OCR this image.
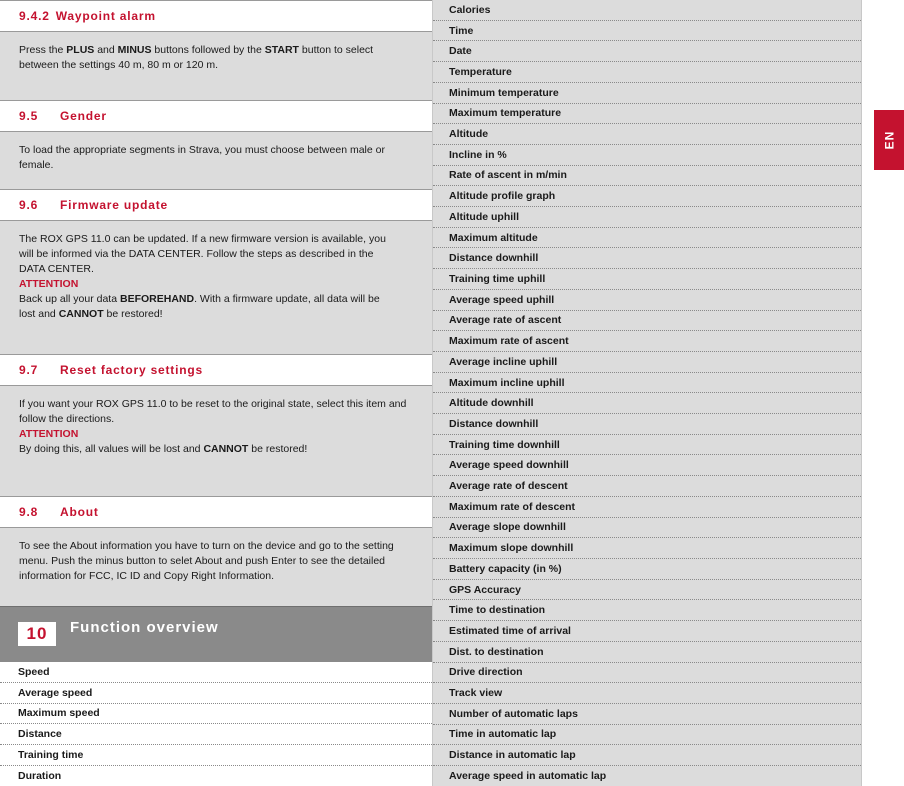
9.4.2 Waypoint alarm

Press the PLUS and MINUS buttons followed by the START button to select between the settings 40 m, 80 m or 120 m.

9.5	Gender

To load the appropriate segments in Strava, you must choose between male or female.

9.6	Firmware update

The ROX GPS 11.0 can be updated. If a new firmware version is available, you will be informed via the DATA CENTER. Follow the steps as described in the DATA CENTER.

ATTENTION

Back up all your data BEFOREHAND. With a firmware update, all data will be lost and CANNOT be restored!

9.7	Reset factory settings

If you want your ROX GPS 11.0 to be reset to the original state, select this item and follow the directions.

ATTENTION

By doing this, all values will be lost and CANNOT be restored!

9.8	About

To see the About information you have to turn on the device and go to the setting menu. Push the minus button to selet About and push Enter to see the detailed information for FCC, IC ID and Copy Right Information.

10	Function overview
Speed
Average speed
Maximum speed
Distance
Training time
Duration
Calories
Time
Date
Temperature
Minimum temperature
Maximum temperature
Altitude
Incline in %
Rate of ascent in m/min
Altitude profile graph
Altitude uphill
Maximum altitude
Distance downhill
Training time uphill
Average speed uphill
Average rate of ascent
Maximum rate of ascent
Average incline uphill
Maximum incline uphill
Altitude downhill
Distance downhill
Training time downhill
Average speed downhill
Average rate of descent
Maximum rate of descent
Average slope downhill
Maximum slope downhill
Battery capacity (in %)
GPS Accuracy
Time to destination
Estimated time of arrival
Dist. to destination
Drive direction
Track view
Number of automatic laps
Time in automatic lap
Distance in automatic lap
Average speed in automatic lap
EN
